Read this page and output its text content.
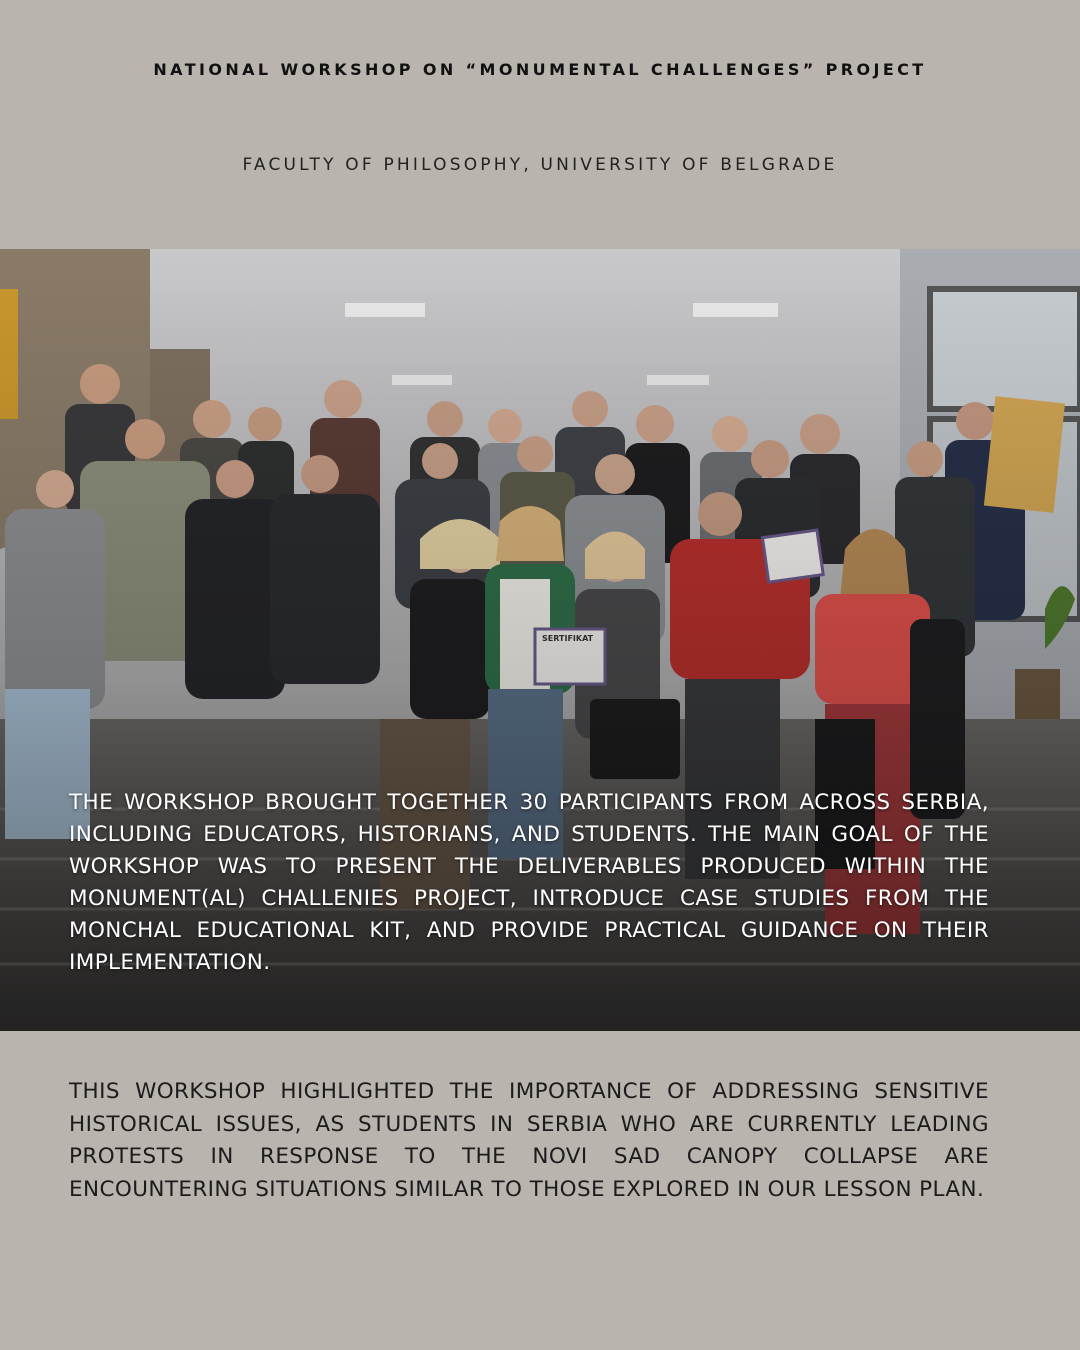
NATIONAL WORKSHOP ON “MONUMENTAL CHALLENGES” PROJECT
FACULTY OF PHILOSOPHY, UNIVERSITY OF BELGRADE
THE WORKSHOP BROUGHT TOGETHER 30 PARTICIPANTS FROM ACROSS SERBIA, INCLUDING EDUCATORS, HISTORIANS, AND STUDENTS. THE MAIN GOAL OF THE WORKSHOP WAS TO PRESENT THE DELIVERABLES PRODUCED WITHIN THE MONUMENT(AL) CHALLENIES PROJECT, INTRODUCE CASE STUDIES FROM THE MONCHAL EDUCATIONAL KIT, AND PROVIDE PRACTICAL GUIDANCE ON THEIR IMPLEMENTATION.
THIS WORKSHOP HIGHLIGHTED THE IMPORTANCE OF ADDRESSING SENSITIVE HISTORICAL ISSUES, AS STUDENTS IN SERBIA WHO ARE CURRENTLY LEADING PROTESTS IN RESPONSE TO THE NOVI SAD CANOPY COLLAPSE ARE ENCOUNTERING SITUATIONS SIMILAR TO THOSE EXPLORED IN OUR LESSON PLAN.
